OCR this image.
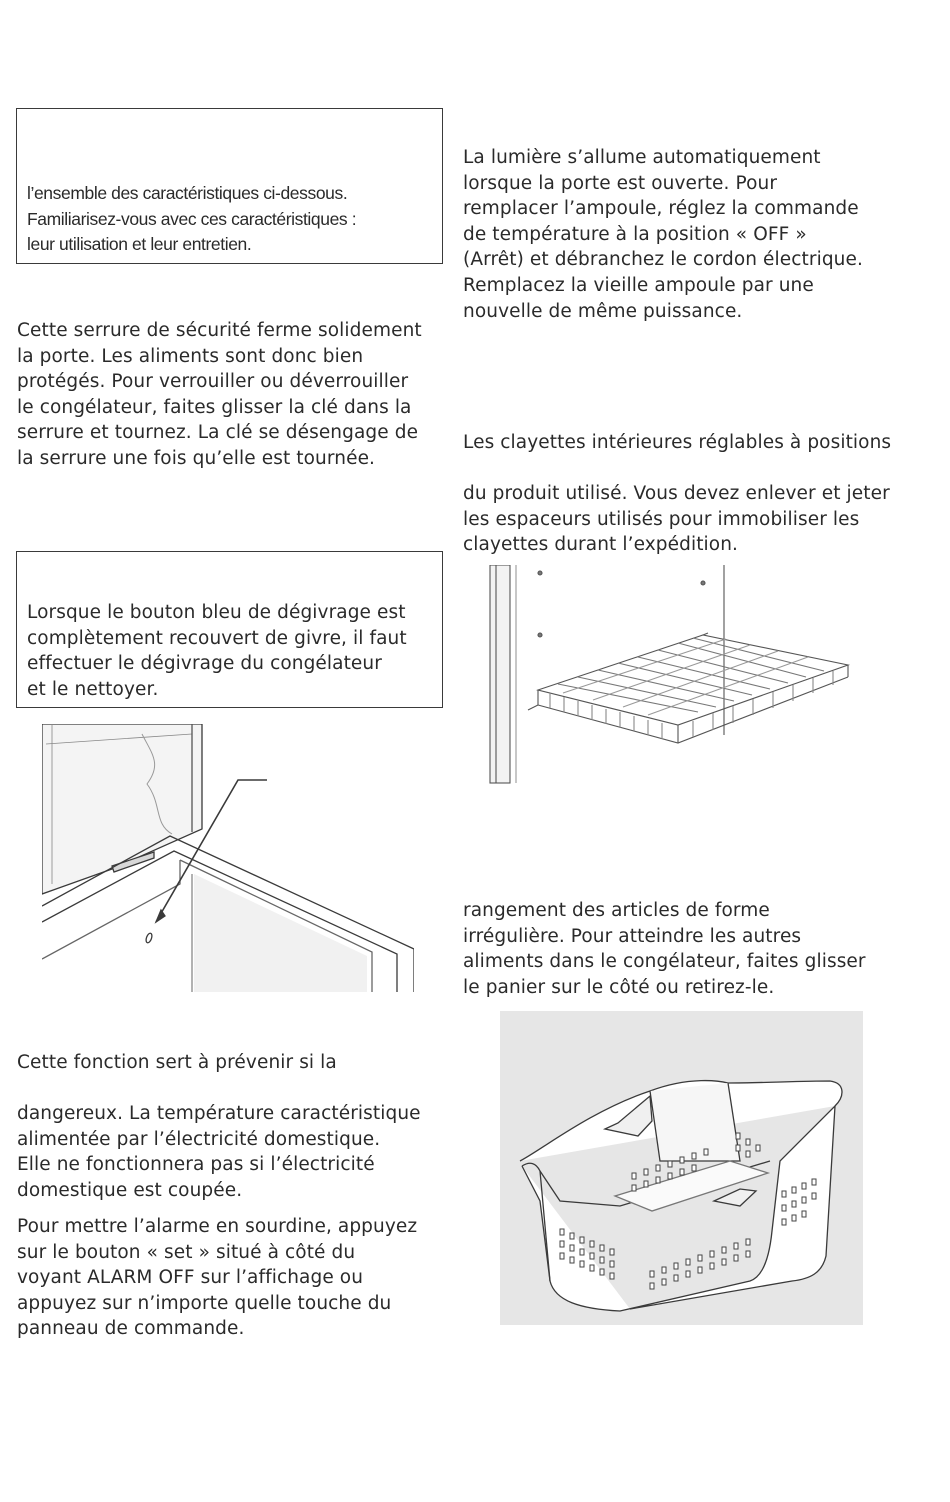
l’ensemble des caractéristiques ci-dessous.

Familiarisez-vous avec ces caractéristiques :

leur utilisation et leur entretien.

Cette serrure de sécurité ferme solidement
la porte. Les aliments sont donc bien
protégés. Pour verrouiller ou déverrouiller
le congélateur, faites glisser la clé dans la
serrure et tournez. La clé se désengage de
la serrure une fois qu’elle est tournée.

Lorsque le bouton bleu de dégivrage est
complètement recouvert de givre, il faut
effectuer le dégivrage du congélateur
et le nettoyer.

Cette fonction sert à prévenir si la

dangereux. La température caractéristique
alimentée par l’électricité domestique.
Elle ne fonctionnera pas si l’électricité
domestique est coupée.

Pour mettre l’alarme en sourdine, appuyez
sur le bouton « set » situé à côté du
voyant ALARM OFF sur l’affichage ou
appuyez sur n’importe quelle touche du
panneau de commande.

La lumière s’allume automatiquement
lorsque la porte est ouverte. Pour
remplacer l’ampoule, réglez la commande
de température à la position « OFF »
(Arrêt) et débranchez le cordon électrique.
Remplacez la vieille ampoule par une
nouvelle de même puissance.

Les clayettes intérieures réglables à positions

du produit utilisé. Vous devez enlever et jeter
les espaceurs utilisés pour immobiliser les
clayettes durant l’expédition.

rangement des articles de forme
irrégulière. Pour atteindre les autres
aliments dans le congélateur, faites glisser
le panier sur le côté ou retirez-le.
